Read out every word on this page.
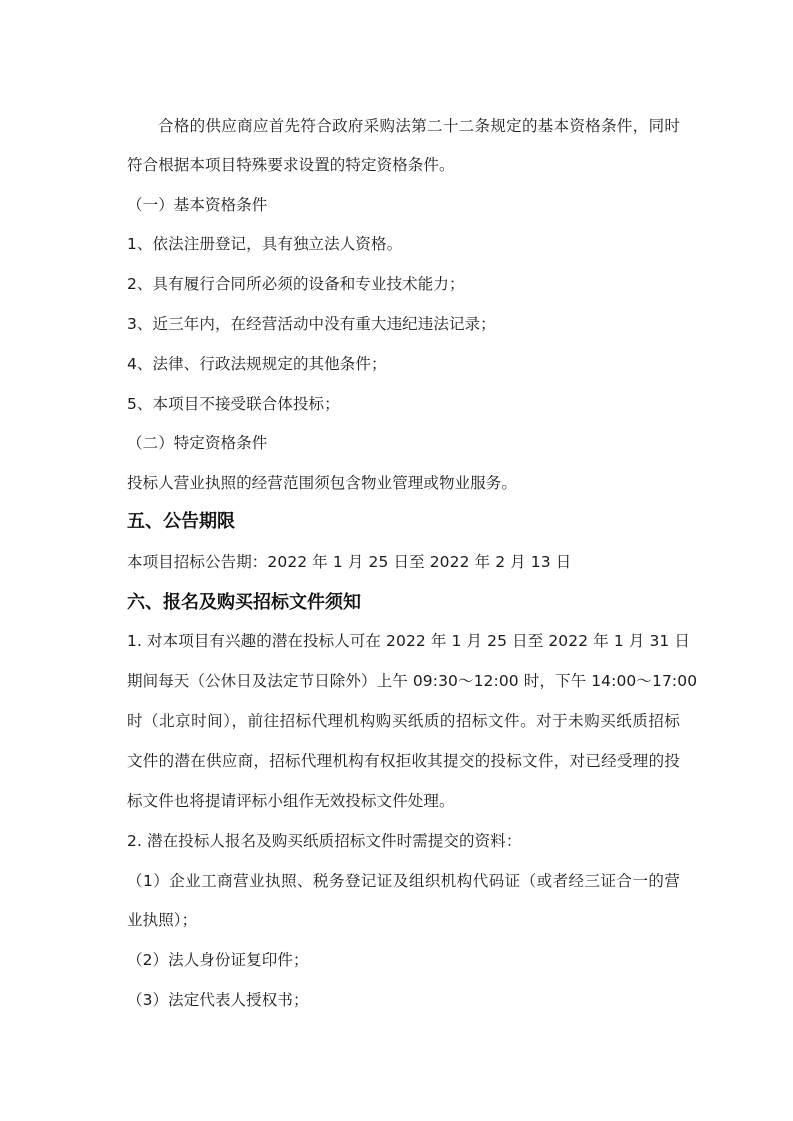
合格的供应商应首先符合政府采购法第二十二条规定的基本资格条件，同时
符合根据本项目特殊要求设置的特定资格条件。
（一）基本资格条件
1、依法注册登记，具有独立法人资格。
2、具有履行合同所必须的设备和专业技术能力；
3、近三年内，在经营活动中没有重大违纪违法记录；
4、法律、行政法规规定的其他条件；
5、本项目不接受联合体投标；
（二）特定资格条件
投标人营业执照的经营范围须包含物业管理或物业服务。
五、公告期限
本项目招标公告期：2022 年 1 月 25 日至 2022 年 2 月 13 日
六、报名及购买招标文件须知
1. 对本项目有兴趣的潜在投标人可在 2022 年 1 月 25 日至 2022 年 1 月 31 日
期间每天（公休日及法定节日除外）上午 09:30～12:00 时，下午 14:00～17:00
时（北京时间），前往招标代理机构购买纸质的招标文件。对于未购买纸质招标
文件的潜在供应商，招标代理机构有权拒收其提交的投标文件，对已经受理的投
标文件也将提请评标小组作无效投标文件处理。
2. 潜在投标人报名及购买纸质招标文件时需提交的资料：
（1）企业工商营业执照、税务登记证及组织机构代码证（或者经三证合一的营
业执照）；
（2）法人身份证复印件；
（3）法定代表人授权书；
